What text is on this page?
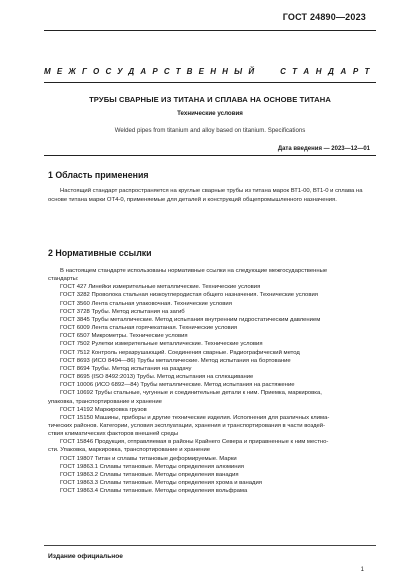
ГОСТ 24890—2023
МЕЖГОСУДАРСТВЕННЫЙ СТАНДАРТ
ТРУБЫ СВАРНЫЕ ИЗ ТИТАНА И СПЛАВА НА ОСНОВЕ ТИТАНА
Технические условия
Welded pipes from titanium and alloy based on titanium. Specifications
Дата введения — 2023—12—01
1 Область применения

Настоящий стандарт распространяется на круглые сварные трубы из титана марок ВТ1-00, ВТ1-0 и сплава на основе титана марки ОТ4-0, применяемые для деталей и конструкций общепромышленного назначения.

2 Нормативные ссылки
В настоящем стандарте использованы нормативные ссылки на следующие межгосударственные
стандарты:
ГОСТ 427 Линейки измерительные металлические. Технические условия
ГОСТ 3282 Проволока стальная низкоуглеродистая общего назначения. Технические условия
ГОСТ 3560 Лента стальная упаковочная. Технические условия
ГОСТ 3728 Трубы. Метод испытания на загиб
ГОСТ 3845 Трубы металлические. Метод испытания внутренним гидростатическим давлением
ГОСТ 6009 Лента стальная горячекатаная. Технические условия
ГОСТ 6507 Микрометры. Технические условия
ГОСТ 7502 Рулетки измерительные металлические. Технические условия
ГОСТ 7512 Контроль неразрушающий. Соединения сварные. Радиографический метод
ГОСТ 8693 (ИСО 8494—86) Трубы металлические. Метод испытания на бортование
ГОСТ 8694 Трубы. Метод испытания на раздачу
ГОСТ 8695 (ISO 8492:2013) Трубы. Метод испытания на сплющивание
ГОСТ 10006 (ИСО 6892—84) Трубы металлические. Метод испытания на растяжение
ГОСТ 10692 Трубы стальные, чугунные и соединительные детали к ним. Приемка, маркировка,
упаковка, транспортирование и хранение
ГОСТ 14192 Маркировка грузов
ГОСТ 15150 Машины, приборы и другие технические изделия. Исполнения для различных клима-
тических районов. Категории, условия эксплуатации, хранения и транспортирования в части воздей-
ствия климатических факторов внешней среды
ГОСТ 15846 Продукция, отправляемая в районы Крайнего Севера и приравненные к ним местно-
сти. Упаковка, маркировка, транспортирование и хранение
ГОСТ 19807 Титан и сплавы титановые деформируемые. Марки
ГОСТ 19863.1 Сплавы титановые. Методы определения алюминия
ГОСТ 19863.2 Сплавы титановые. Методы определения ванадия
ГОСТ 19863.3 Сплавы титановые. Методы определения хрома и ванадия
ГОСТ 19863.4 Сплавы титановые. Методы определения вольфрама
Издание официальное
1
